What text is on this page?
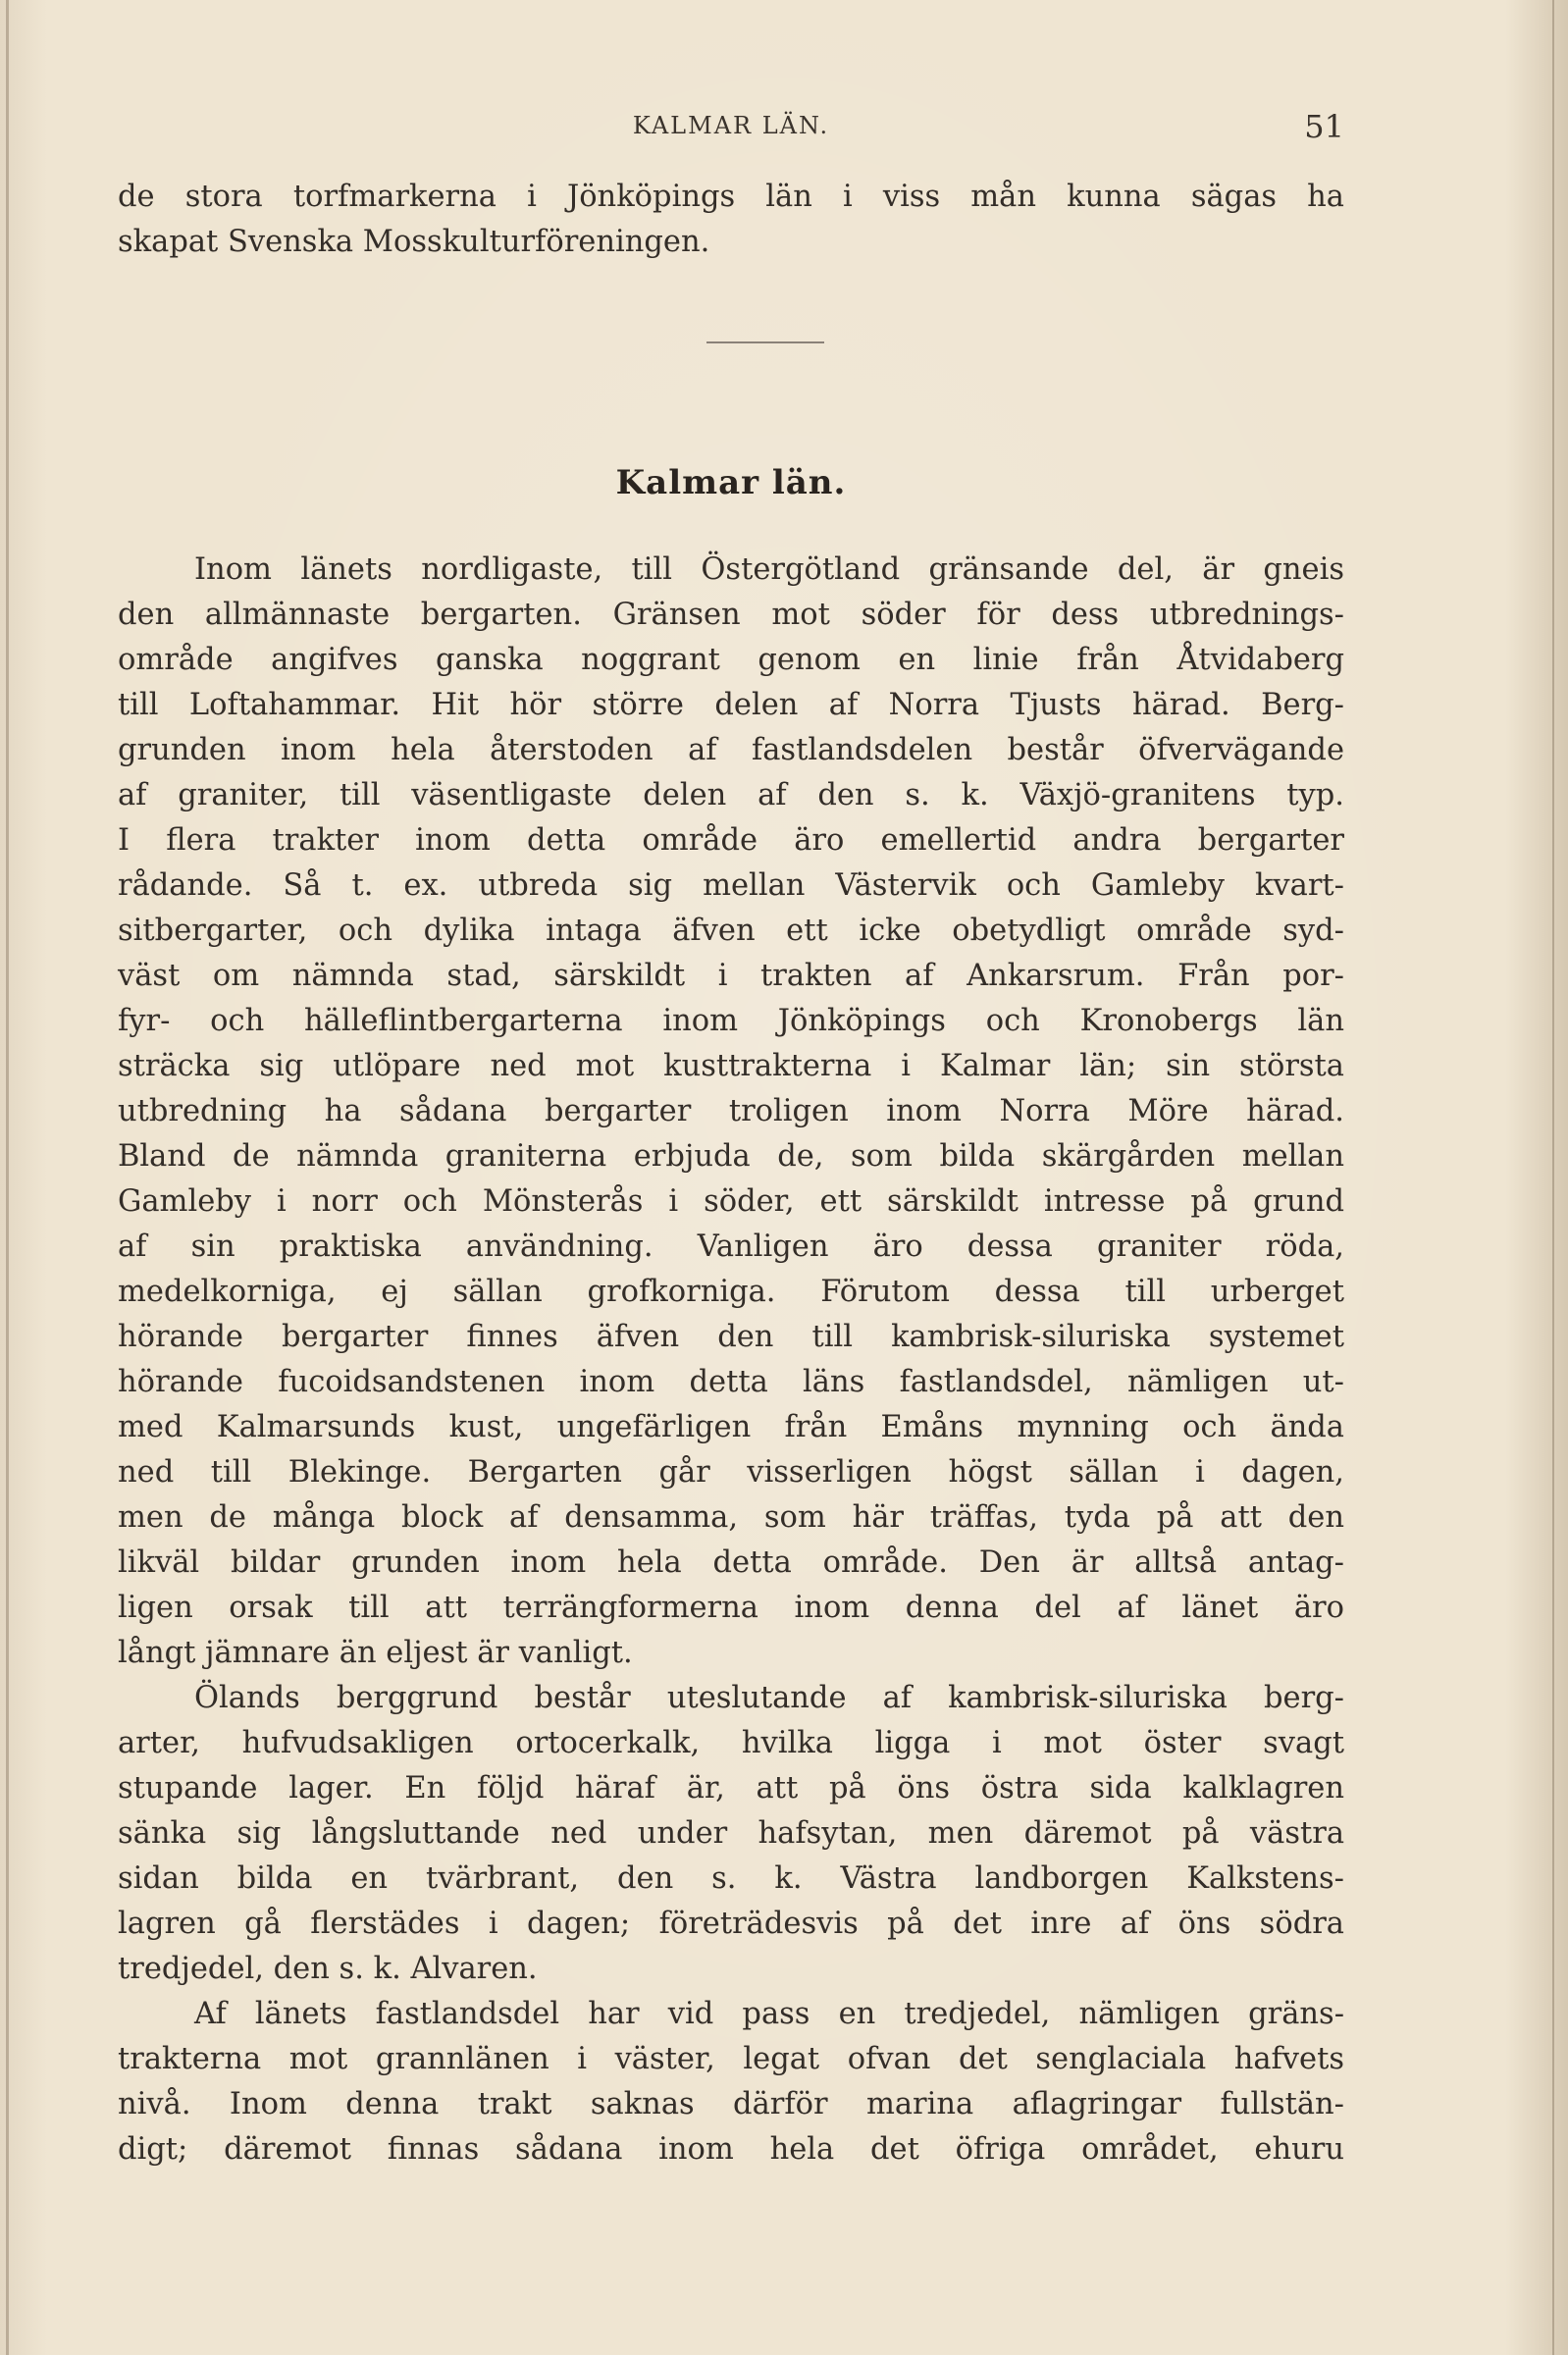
KALMAR LÄN.	51
de stora torfmarkerna i Jönköpings län i viss mån kunna sägas ha
skapat Svenska Mosskulturföreningen.
Kalmar län.
Inom länets nordligaste, till Östergötland gränsande del, är gneis
den allmännaste bergarten. Gränsen mot söder för dess utbrednings-
område angifves ganska noggrant genom en linie från Åtvidaberg
till Loftahammar. Hit hör större delen af Norra Tjusts härad. Berg-
grunden inom hela återstoden af fastlandsdelen består öfvervägande
af graniter, till väsentligaste delen af den s. k. Växjö-granitens typ.
I flera trakter inom detta område äro emellertid andra bergarter
rådande. Så t. ex. utbreda sig mellan Västervik och Gamleby kvart-
sitbergarter, och dylika intaga äfven ett icke obetydligt område syd-
väst om nämnda stad, särskildt i trakten af Ankarsrum. Från por-
fyr- och hälleflintbergarterna inom Jönköpings och Kronobergs län
sträcka sig utlöpare ned mot kusttrakterna i Kalmar län; sin största
utbredning ha sådana bergarter troligen inom Norra Möre härad.
Bland de nämnda graniterna erbjuda de, som bilda skärgården mellan
Gamleby i norr och Mönsterås i söder, ett särskildt intresse på grund
af sin praktiska användning. Vanligen äro dessa graniter röda,
medelkorniga, ej sällan grofkorniga. Förutom dessa till urberget
hörande bergarter finnes äfven den till kambrisk-siluriska systemet
hörande fucoidsandstenen inom detta läns fastlandsdel, nämligen ut-
med Kalmarsunds kust, ungefärligen från Emåns mynning och ända
ned till Blekinge. Bergarten går visserligen högst sällan i dagen,
men de många block af densamma, som här träffas, tyda på att den
likväl bildar grunden inom hela detta område. Den är alltså antag-
ligen orsak till att terrängformerna inom denna del af länet äro
långt jämnare än eljest är vanligt.
Ölands berggrund består uteslutande af kambrisk-siluriska berg-
arter, hufvudsakligen ortocerkalk, hvilka ligga i mot öster svagt
stupande lager. En följd häraf är, att på öns östra sida kalklagren
sänka sig långsluttande ned under hafsytan, men däremot på västra
sidan bilda en tvärbrant, den s. k. Västra landborgen Kalkstens-
lagren gå flerstädes i dagen; företrädesvis på det inre af öns södra
tredjedel, den s. k. Alvaren.
Af länets fastlandsdel har vid pass en tredjedel, nämligen gräns-
trakterna mot grannlänen i väster, legat ofvan det senglaciala hafvets
nivå. Inom denna trakt saknas därför marina aflagringar fullstän-
digt; däremot finnas sådana inom hela det öfriga området, ehuru
